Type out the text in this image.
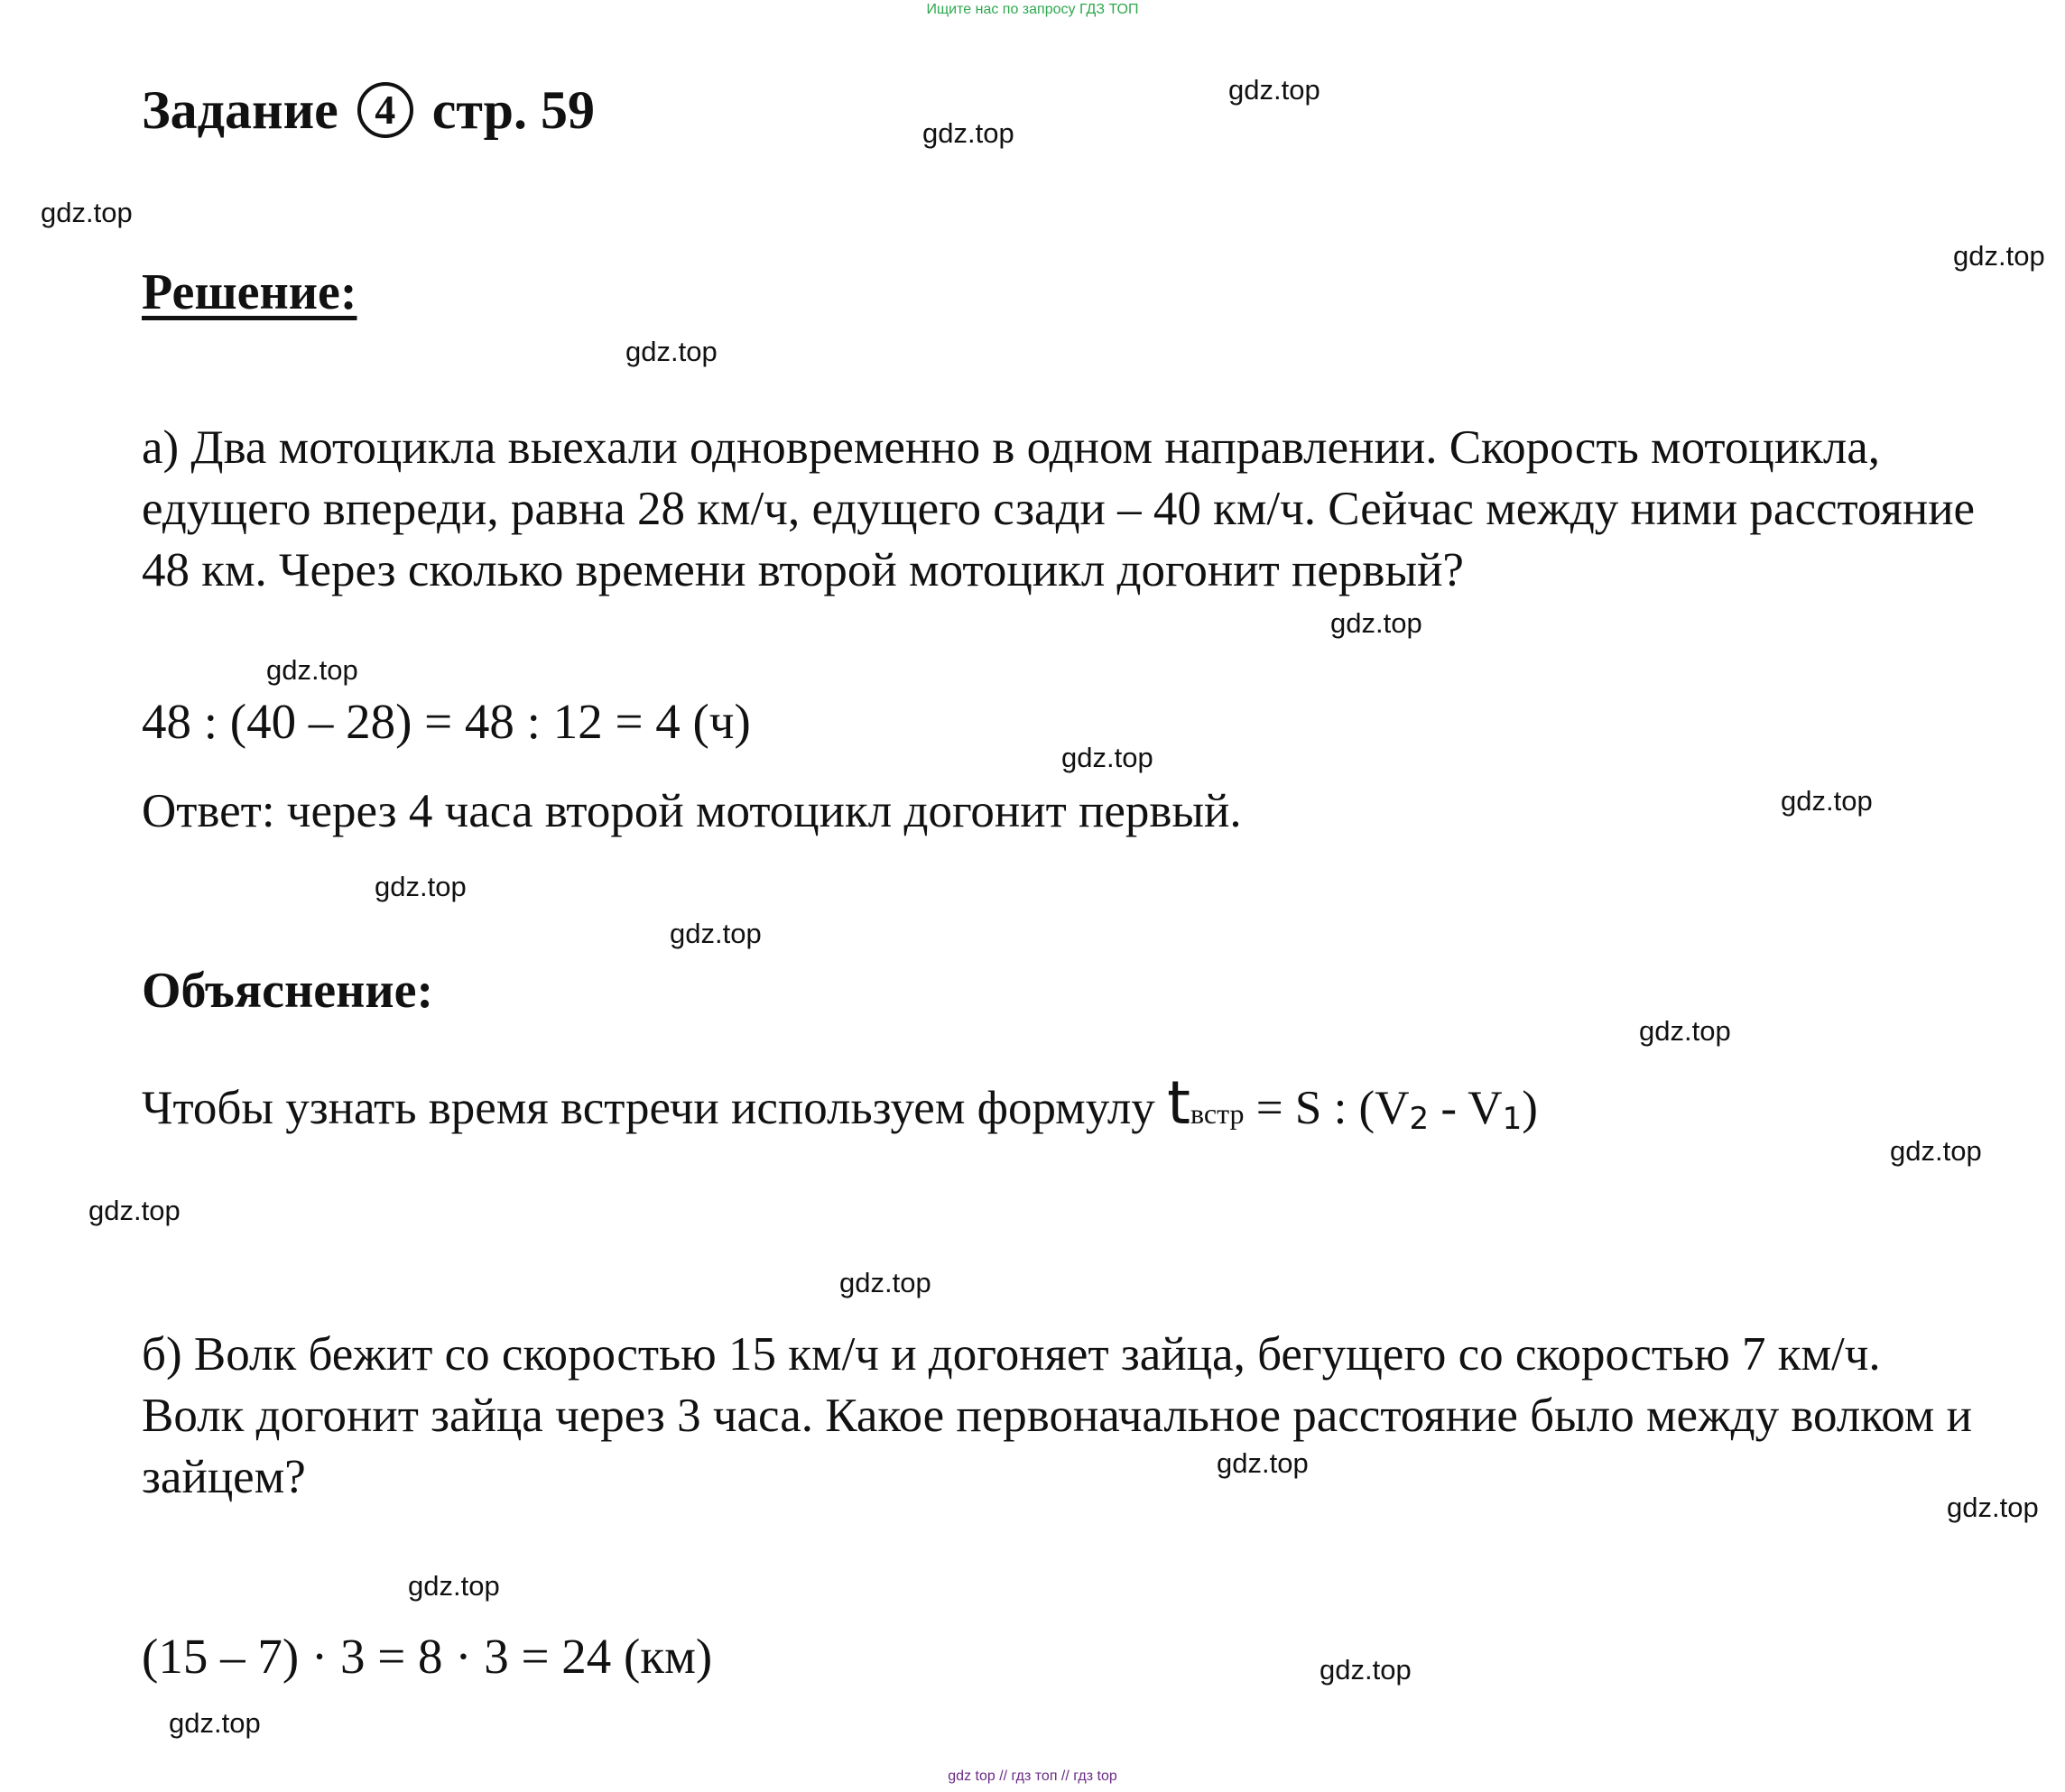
Ищите нас по запросу ГДЗ ТОП
Задание 4 стр. 59
Решение:

а) Два мотоцикла выехали одновременно в одном направлении. Скорость мотоцикла, едущего впереди, равна 28 км/ч, едущего сзади – 40 км/ч. Сейчас между ними расстояние 48 км. Через сколько времени второй мотоцикл догонит первый?

48 : (40 – 28) = 48 : 12 = 4 (ч)
Ответ: через 4 часа второй мотоцикл догонит первый.
Объяснение:
Чтобы узнать время встречи используем формулу tвстр = S : (V2 - V1)

б) Волк бежит со скоростью 15 км/ч и догоняет зайца, бегущего со скоростью 7 км/ч. Волк догонит зайца через 3 часа. Какое первоначальное расстояние было между волком и зайцем?

(15 – 7) · 3 = 8 · 3 = 24 (км)
gdz.top
gdz.top
gdz.top
gdz.top
gdz.top
gdz.top
gdz.top
gdz.top
gdz.top
gdz.top
gdz.top
gdz.top
gdz.top
gdz.top
gdz.top
gdz.top
gdz.top
gdz.top
gdz.top
gdz.top
gdz top // гдз топ // гдз top
